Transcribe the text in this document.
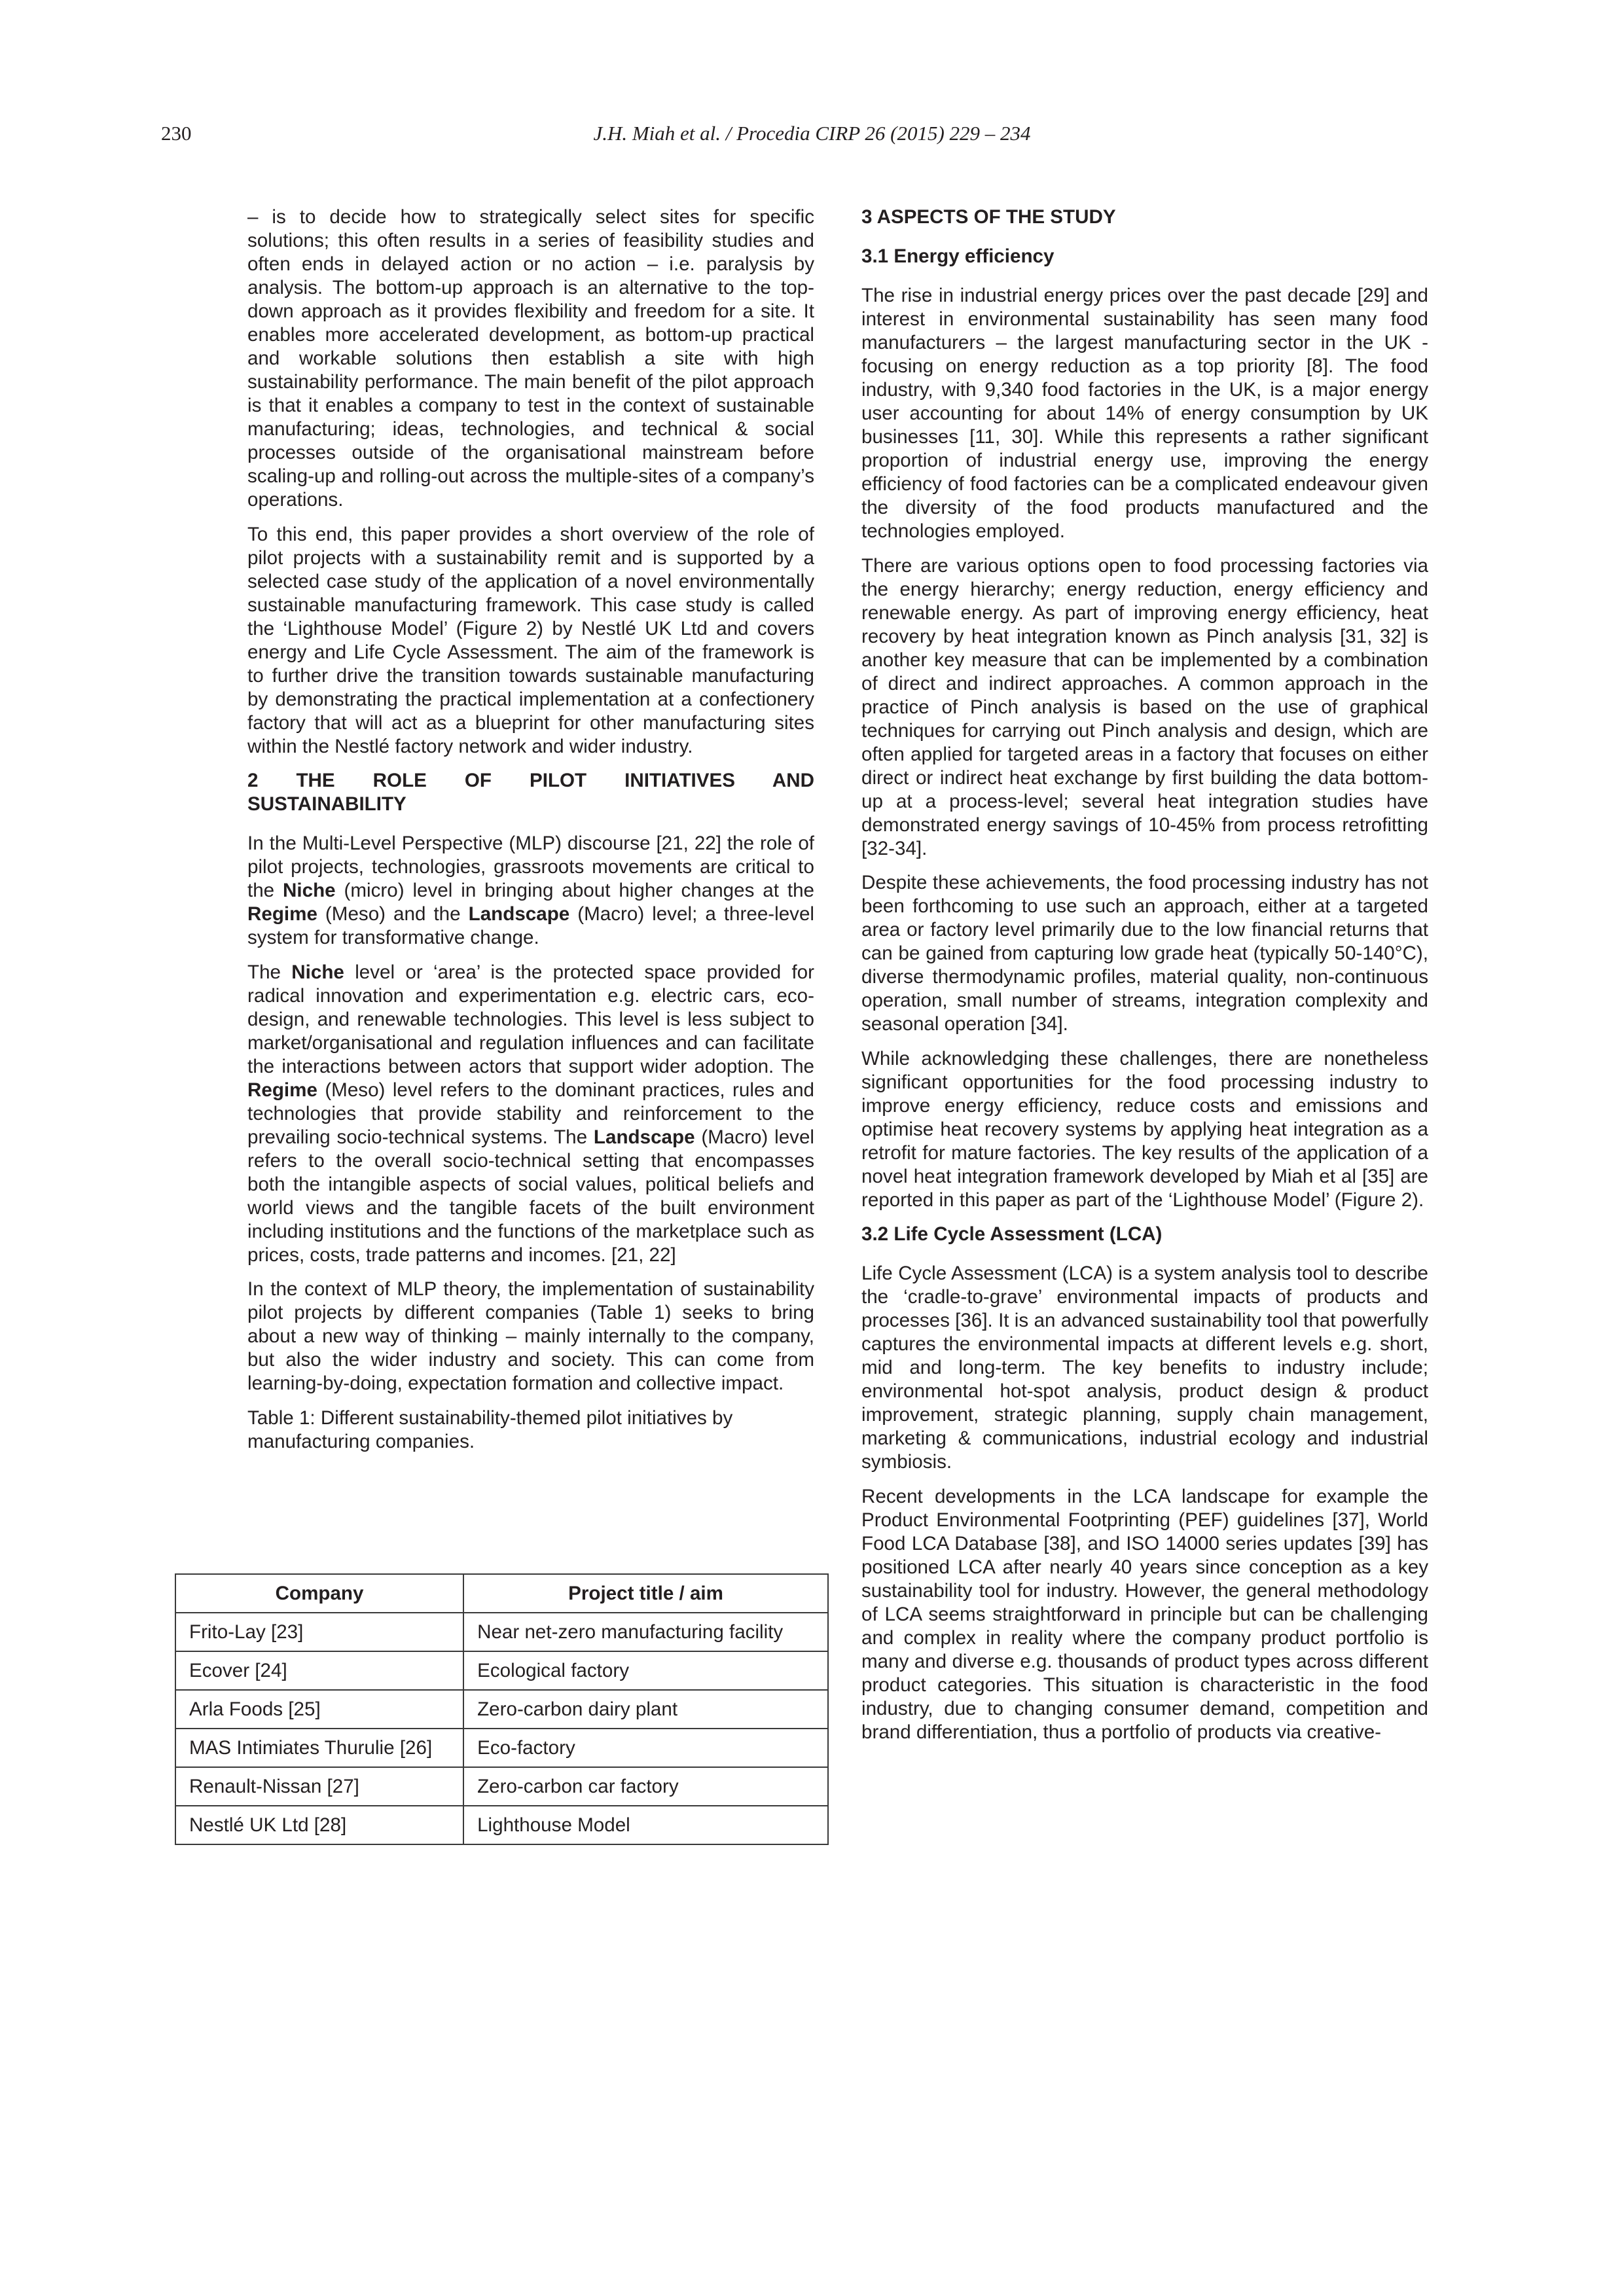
230	J.H. Miah et al. / Procedia CIRP 26 (2015) 229 – 234

– is to decide how to strategically select sites for specific solutions; this often results in a series of feasibility studies and often ends in delayed action or no action – i.e. paralysis by analysis. The bottom-up approach is an alternative to the top-down approach as it provides flexibility and freedom for a site. It enables more accelerated development, as bottom-up practical and workable solutions then establish a site with high sustainability performance. The main benefit of the pilot approach is that it enables a company to test in the context of sustainable manufacturing; ideas, technologies, and technical & social processes outside of the organisational mainstream before scaling-up and rolling-out across the multiple-sites of a company’s operations.

To this end, this paper provides a short overview of the role of pilot projects with a sustainability remit and is supported by a selected case study of the application of a novel environmentally sustainable manufacturing framework. This case study is called the ‘Lighthouse Model’ (Figure 2) by Nestlé UK Ltd and covers energy and Life Cycle Assessment. The aim of the framework is to further drive the transition towards sustainable manufacturing by demonstrating the practical implementation at a confectionery factory that will act as a blueprint for other manufacturing sites within the Nestlé factory network and wider industry.

2 THE ROLE OF PILOT INITIATIVES AND
SUSTAINABILITY

In the Multi-Level Perspective (MLP) discourse [21, 22] the role of pilot projects, technologies, grassroots movements are critical to the Niche (micro) level in bringing about higher changes at the Regime (Meso) and the Landscape (Macro) level; a three-level system for transformative change.

The Niche level or ‘area’ is the protected space provided for radical innovation and experimentation e.g. electric cars, eco-design, and renewable technologies. This level is less subject to market/organisational and regulation influences and can facilitate the interactions between actors that support wider adoption. The Regime (Meso) level refers to the dominant practices, rules and technologies that provide stability and reinforcement to the prevailing socio-technical systems. The Landscape (Macro) level refers to the overall socio-technical setting that encompasses both the intangible aspects of social values, political beliefs and world views and the tangible facets of the built environment including institutions and the functions of the marketplace such as prices, costs, trade patterns and incomes. [21, 22]

In the context of MLP theory, the implementation of sustainability pilot projects by different companies (Table 1) seeks to bring about a new way of thinking – mainly internally to the company, but also the wider industry and society. This can come from learning-by-doing, expectation formation and collective impact.

Table 1: Different sustainability-themed pilot initiatives by manufacturing companies.

Company	Project title / aim
Frito-Lay [23]	Near net-zero manufacturing facility
Ecover [24]	Ecological factory
Arla Foods [25]	Zero-carbon dairy plant
MAS Intimiates Thurulie [26]	Eco-factory
Renault-Nissan [27]	Zero-carbon car factory
Nestlé UK Ltd [28]	Lighthouse Model
3 ASPECTS OF THE STUDY
3.1 Energy efficiency

The rise in industrial energy prices over the past decade [29] and interest in environmental sustainability has seen many food manufacturers – the largest manufacturing sector in the UK - focusing on energy reduction as a top priority [8]. The food industry, with 9,340 food factories in the UK, is a major energy user accounting for about 14% of energy consumption by UK businesses [11, 30]. While this represents a rather significant proportion of industrial energy use, improving the energy efficiency of food factories can be a complicated endeavour given the diversity of the food products manufactured and the technologies employed.

There are various options open to food processing factories via the energy hierarchy; energy reduction, energy efficiency and renewable energy. As part of improving energy efficiency, heat recovery by heat integration known as Pinch analysis [31, 32] is another key measure that can be implemented by a combination of direct and indirect approaches. A common approach in the practice of Pinch analysis is based on the use of graphical techniques for carrying out Pinch analysis and design, which are often applied for targeted areas in a factory that focuses on either direct or indirect heat exchange by first building the data bottom-up at a process-level; several heat integration studies have demonstrated energy savings of 10-45% from process retrofitting [32-34].

Despite these achievements, the food processing industry has not been forthcoming to use such an approach, either at a targeted area or factory level primarily due to the low financial returns that can be gained from capturing low grade heat (typically 50-140°C), diverse thermodynamic profiles, material quality, non-continuous operation, small number of streams, integration complexity and seasonal operation [34].

While acknowledging these challenges, there are nonetheless significant opportunities for the food processing industry to improve energy efficiency, reduce costs and emissions and optimise heat recovery systems by applying heat integration as a retrofit for mature factories. The key results of the application of a novel heat integration framework developed by Miah et al [35] are reported in this paper as part of the ‘Lighthouse Model’ (Figure 2).

3.2 Life Cycle Assessment (LCA)

Life Cycle Assessment (LCA) is a system analysis tool to describe the ‘cradle-to-grave’ environmental impacts of products and processes [36]. It is an advanced sustainability tool that powerfully captures the environmental impacts at different levels e.g. short, mid and long-term. The key benefits to industry include; environmental hot-spot analysis, product design & product improvement, strategic planning, supply chain management, marketing & communications, industrial ecology and industrial symbiosis.

Recent developments in the LCA landscape for example the Product Environmental Footprinting (PEF) guidelines [37], World Food LCA Database [38], and ISO 14000 series updates [39] has positioned LCA after nearly 40 years since conception as a key sustainability tool for industry. However, the general methodology of LCA seems straightforward in principle but can be challenging and complex in reality where the company product portfolio is many and diverse e.g. thousands of product types across different product categories. This situation is characteristic in the food industry, due to changing consumer demand, competition and brand differentiation, thus a portfolio of products via creative-
